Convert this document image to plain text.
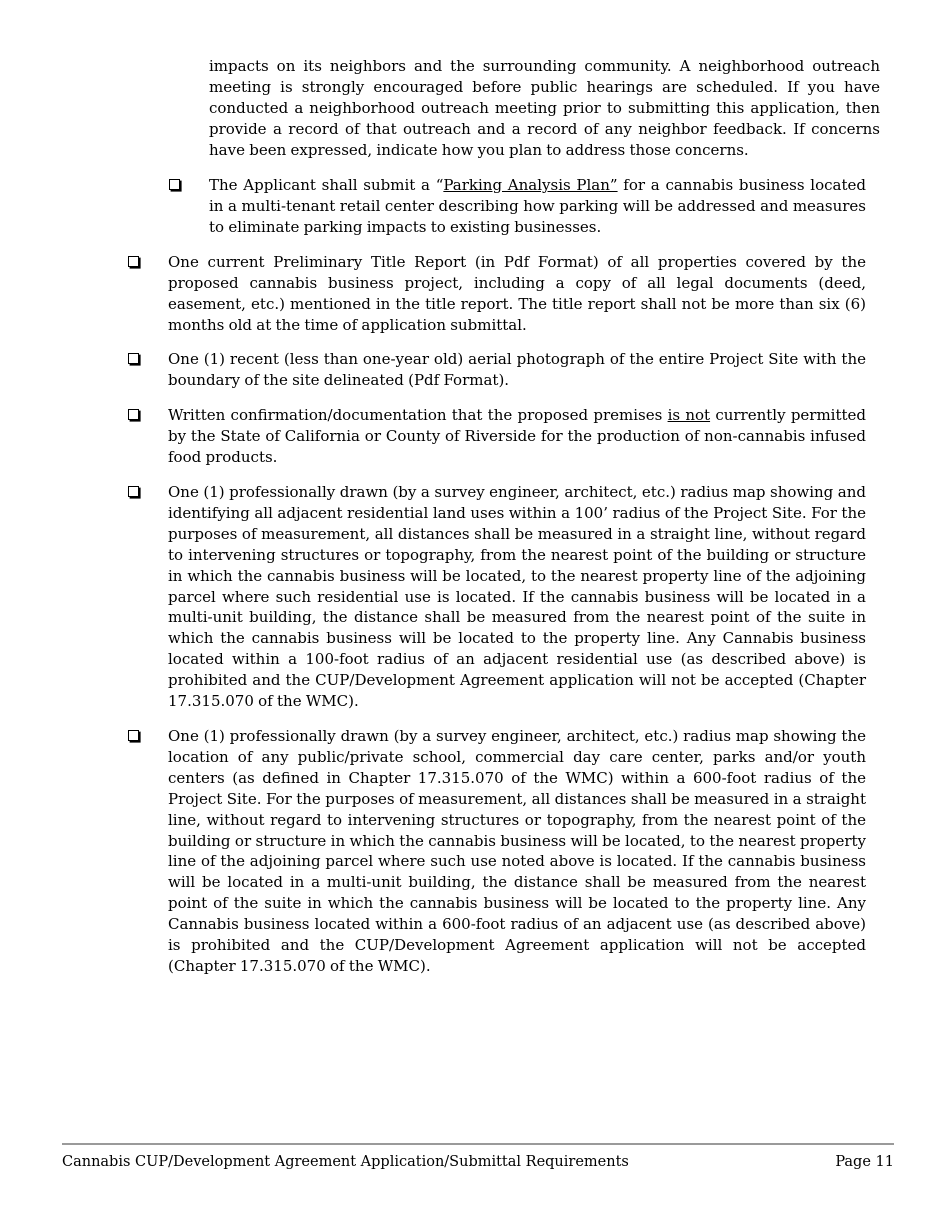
impacts on its neighbors and the surrounding community. A neighborhood outreach meeting is strongly encouraged before public hearings are scheduled. If you have conducted a neighborhood outreach meeting prior to submitting this application, then provide a record of that outreach and a record of any neighbor feedback. If concerns have been expressed, indicate how you plan to address those concerns.

The Applicant shall submit a “Parking Analysis Plan” for a cannabis business located in a multi-tenant retail center describing how parking will be addressed and measures to eliminate parking impacts to existing businesses.

One current Preliminary Title Report (in Pdf Format) of all properties covered by the proposed cannabis business project, including a copy of all legal documents (deed, easement, etc.) mentioned in the title report. The title report shall not be more than six (6) months old at the time of application submittal.

One (1) recent (less than one-year old) aerial photograph of the entire Project Site with the boundary of the site delineated (Pdf Format).

Written confirmation/documentation that the proposed premises is not currently permitted by the State of California or County of Riverside for the production of non-cannabis infused food products.

One (1) professionally drawn (by a survey engineer, architect, etc.) radius map showing and identifying all adjacent residential land uses within a 100’ radius of the Project Site. For the purposes of measurement, all distances shall be measured in a straight line, without regard to intervening structures or topography, from the nearest point of the building or structure in which the cannabis business will be located, to the nearest property line of the adjoining parcel where such residential use is located. If the cannabis business will be located in a multi-unit building, the distance shall be measured from the nearest point of the suite in which the cannabis business will be located to the property line. Any Cannabis business located within a 100-foot radius of an adjacent residential use (as described above) is prohibited and the CUP/Development Agreement application will not be accepted (Chapter 17.315.070 of the WMC).

One (1) professionally drawn (by a survey engineer, architect, etc.) radius map showing the location of any public/private school, commercial day care center, parks and/or youth centers (as defined in Chapter 17.315.070 of the WMC) within a 600-foot radius of the Project Site. For the purposes of measurement, all distances shall be measured in a straight line, without regard to intervening structures or topography, from the nearest point of the building or structure in which the cannabis business will be located, to the nearest property line of the adjoining parcel where such use noted above is located. If the cannabis business will be located in a multi-unit building, the distance shall be measured from the nearest point of the suite in which the cannabis business will be located to the property line. Any Cannabis business located within a 600-foot radius of an adjacent use (as described above) is prohibited and the CUP/Development Agreement application will not be accepted (Chapter 17.315.070 of the WMC).

Cannabis CUP/Development Agreement Application/Submittal Requirements	Page 11
